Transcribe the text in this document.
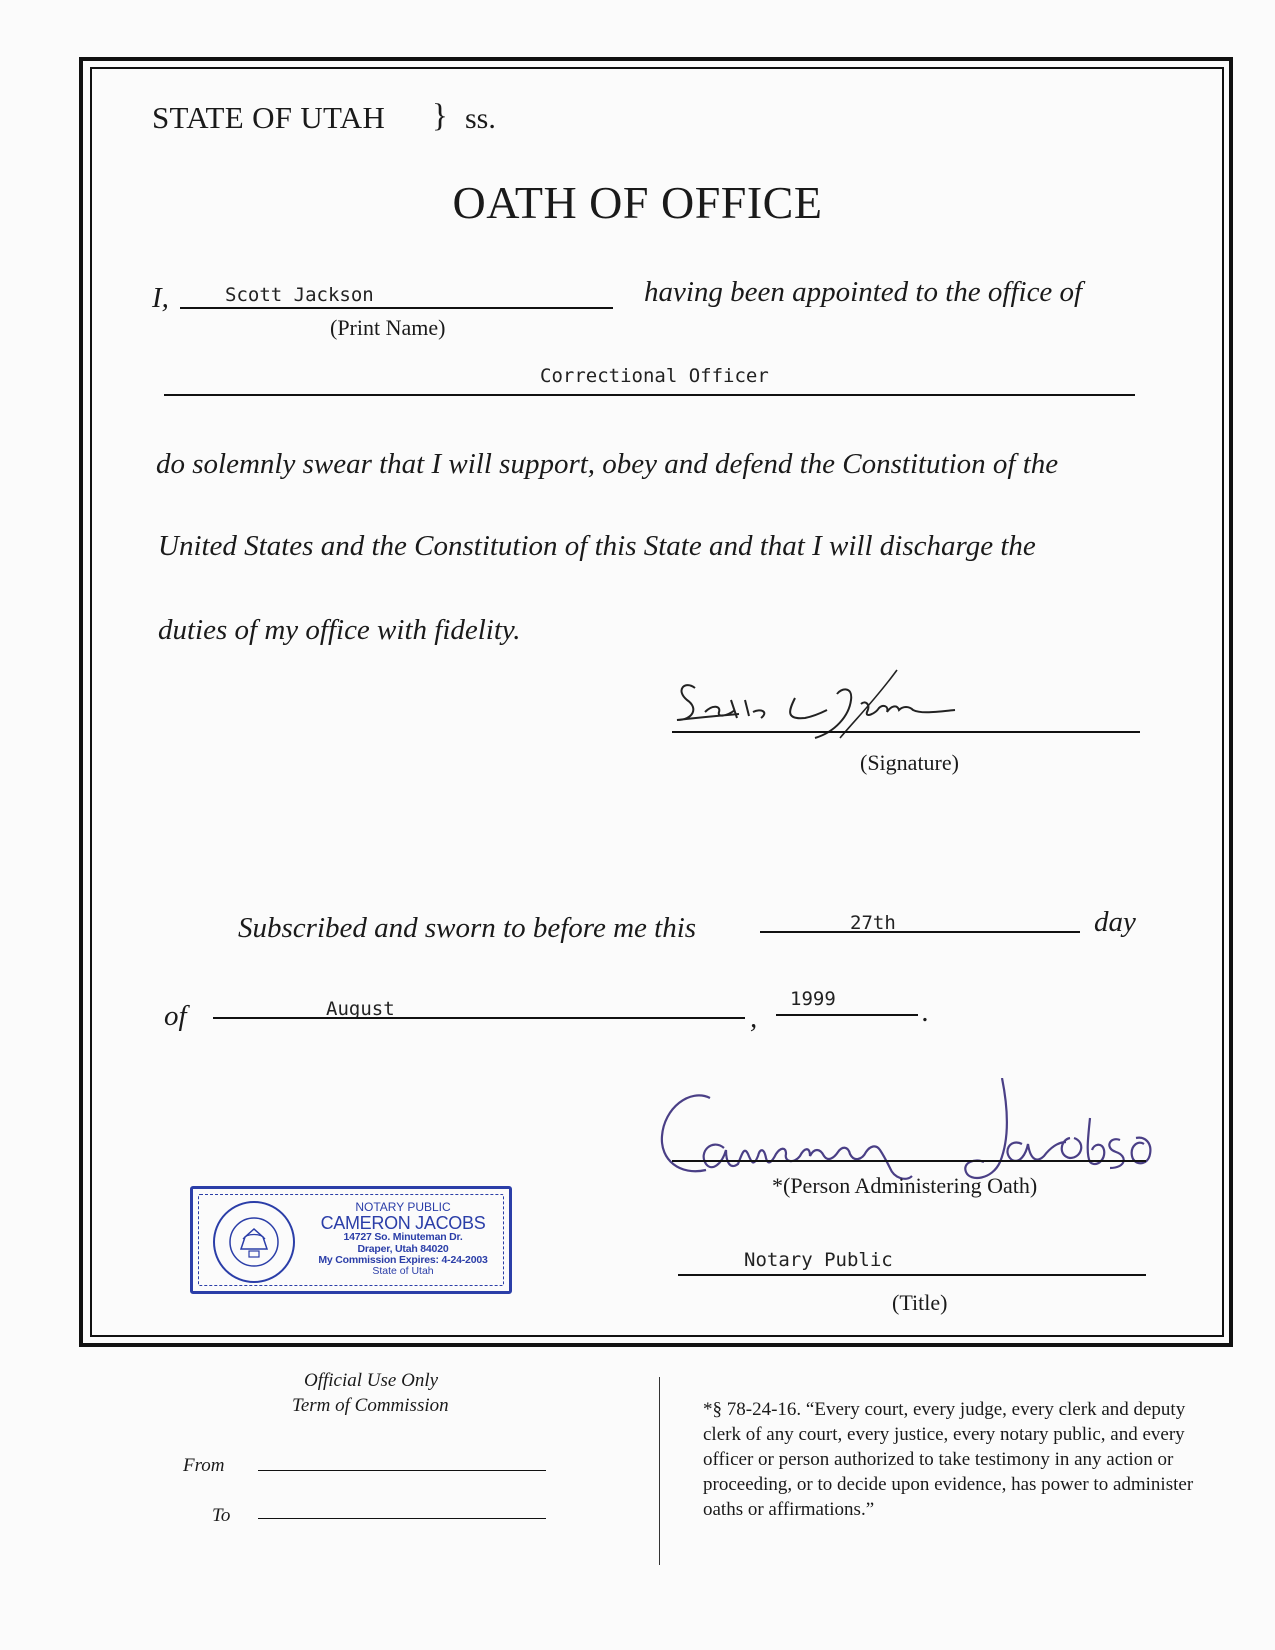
STATE OF UTAH } ss.
OATH OF OFFICE
I,	Scott Jackson
(Print Name)
having been appointed to the office of
Correctional Officer
do solemnly swear that I will support, obey and defend the Constitution of the
United States and the Constitution of this State and that I will discharge the
duties of my office with fidelity.
(Signature)
Subscribed and sworn to before me this	27th	day
of	August	,
1999	.
*(Person Administering Oath)
Notary Public
(Title)
NOTARY PUBLIC
CAMERON JACOBS
14727 So. Minuteman Dr.
Draper, Utah 84020
My Commission Expires: 4-24-2003
State of Utah
Official Use Only
Term of Commission
From
To
*§ 78-24-16. “Every court, every judge, every clerk and deputy clerk of any court, every justice, every notary public, and every officer or person authorized to take testimony in any action or proceeding, or to decide upon evidence, has power to administer oaths or affirmations.”
